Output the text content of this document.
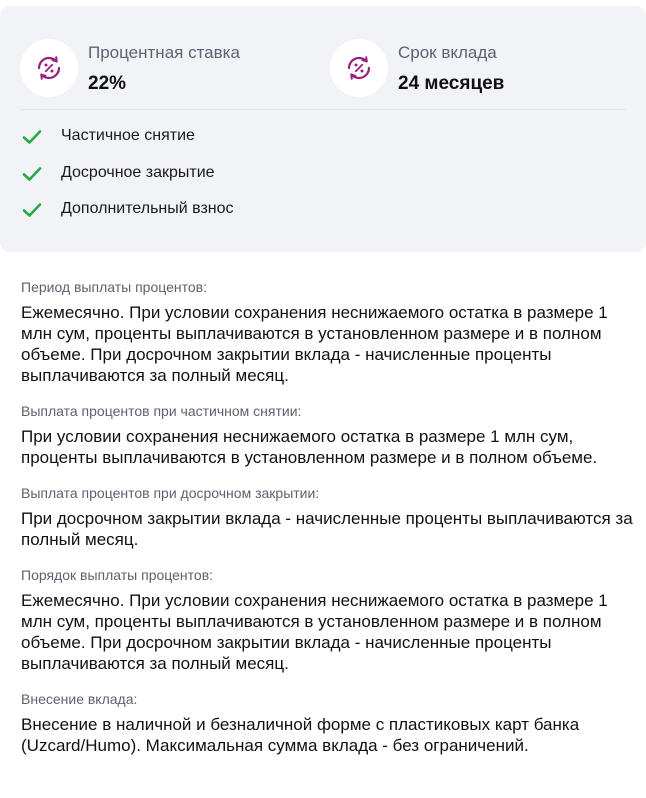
Процентная ставка
22%
Срок вклада
24 месяцев
Частичное снятие
Досрочное закрытие
Дополнительный взнос

Период выплаты процентов:

Ежемесячно. При условии сохранения неснижаемого остатка в размере 1 млн сум, проценты выплачиваются в установленном размере и в полном объеме. При досрочном закрытии вклада - начисленные проценты выплачиваются за полный месяц.

Выплата процентов при частичном снятии:

При условии сохранения неснижаемого остатка в размере 1 млн сум, проценты выплачиваются в установленном размере и в полном объеме.

Выплата процентов при досрочном закрытии:

При досрочном закрытии вклада - начисленные проценты выплачиваются за полный месяц.

Порядок выплаты процентов:

Ежемесячно. При условии сохранения неснижаемого остатка в размере 1 млн сум, проценты выплачиваются в установленном размере и в полном объеме. При досрочном закрытии вклада - начисленные проценты выплачиваются за полный месяц.

Внесение вклада:

Внесение в наличной и безналичной форме с пластиковых карт банка (Uzcard/Humo). Максимальная сумма вклада - без ограничений.
